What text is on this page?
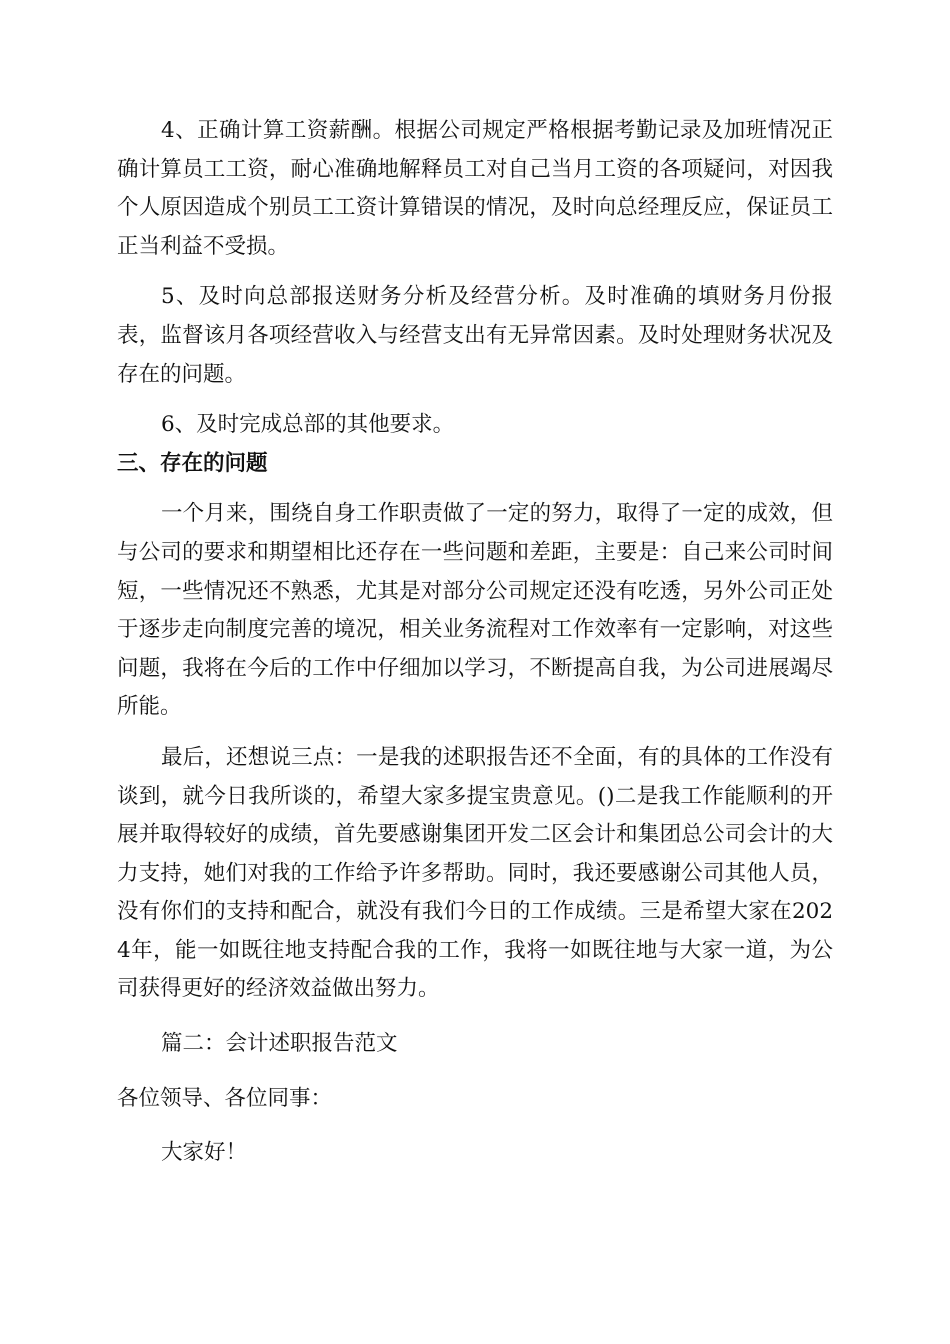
4、正确计算工资薪酬。根据公司规定严格根据考勤记录及加班情况正确计算员工工资，耐心准确地解释员工对自己当月工资的各项疑问，对因我个人原因造成个别员工工资计算错误的情况，及时向总经理反应，保证员工正当利益不受损。

5、及时向总部报送财务分析及经营分析。及时准确的填财务月份报表，监督该月各项经营收入与经营支出有无异常因素。及时处理财务状况及存在的问题。

6、及时完成总部的其他要求。

三、存在的问题

一个月来，围绕自身工作职责做了一定的努力，取得了一定的成效，但与公司的要求和期望相比还存在一些问题和差距，主要是：自己来公司时间短，一些情况还不熟悉，尤其是对部分公司规定还没有吃透，另外公司正处于逐步走向制度完善的境况，相关业务流程对工作效率有一定影响，对这些问题，我将在今后的工作中仔细加以学习，不断提高自我，为公司进展竭尽所能。

最后，还想说三点：一是我的述职报告还不全面，有的具体的工作没有谈到，就今日我所谈的，希望大家多提宝贵意见。()二是我工作能顺利的开展并取得较好的成绩，首先要感谢集团开发二区会计和集团总公司会计的大力支持，她们对我的工作给予许多帮助。同时，我还要感谢公司其他人员，没有你们的支持和配合，就没有我们今日的工作成绩。三是希望大家在2024年，能一如既往地支持配合我的工作，我将一如既往地与大家一道，为公司获得更好的经济效益做出努力。

篇二：会计述职报告范文

各位领导、各位同事：

大家好！
